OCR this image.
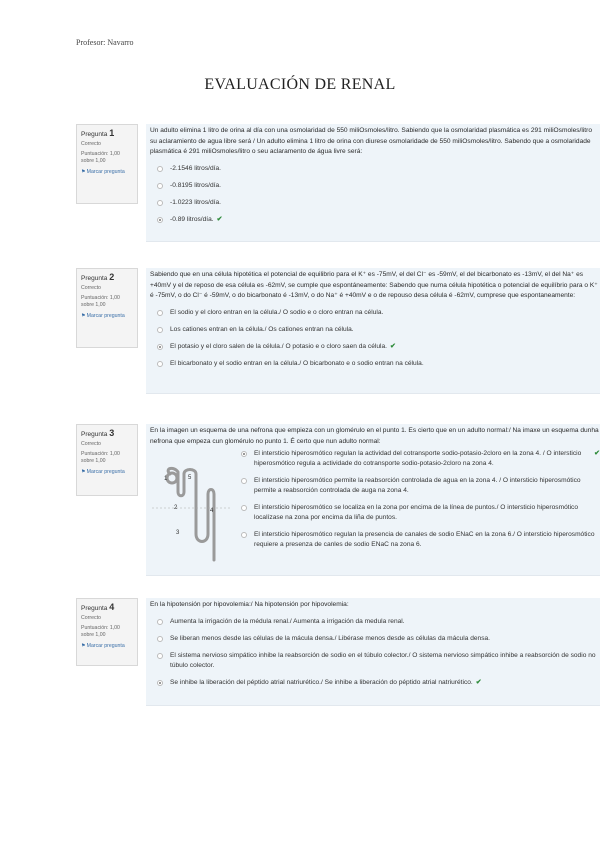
Profesor: Navarro
EVALUACIÓN DE RENAL
Pregunta 1
Correcto
Puntuación: 1,00 sobre 1,00
⚑Marcar pregunta
Un adulto elimina 1 litro de orina al día con una osmolaridad de 550 miliOsmoles/litro. Sabiendo que la osmolaridad plasmática es 291 miliOsmoles/litro su aclaramiento de agua libre será / Un adulto elimina 1 litro de orina con diurese osmolaridade de 550 miliOsmoles/litro. Sabendo que a osmolaridade plasmática é 291 miliOsmoles/litro o seu aclaramento de água livre será:
-2.1546 litros/día.
-0.8195 litros/día.
-1.0223 litros/día.
-0.89 litros/día. ✔
Pregunta 2
Correcto
Puntuación: 1,00 sobre 1,00
⚑Marcar pregunta
Sabiendo que en una célula hipotética el potencial de equilibrio para el K⁺ es -75mV, el del Cl⁻ es -59mV, el del bicarbonato es -13mV, el del Na⁺ es +40mV y el de reposo de esa célula es -62mV, se cumple que espontáneamente: Sabendo que numa célula hipotética o potencial de equilíbrio para o K⁺ é -75mV, o do Cl⁻ é -59mV, o do bicarbonato é -13mV, o do Na⁺ é +40mV e o de repouso desa célula é -62mV, cumprese que espontaneamente:
El sodio y el cloro entran en la célula./ O sodio e o cloro entran na célula.
Los cationes entran en la célula./ Os cationes entran na célula.
El potasio y el cloro salen de la célula./ O potasio e o cloro saen da célula. ✔
El bicarbonato y el sodio entran en la célula./ O bicarbonato e o sodio entran na célula.
Pregunta 3
Correcto
Puntuación: 1,00 sobre 1,00
⚑Marcar pregunta
En la imagen un esquema de una nefrona que empieza con un glomérulo en el punto 1. Es cierto que en un adulto normal:/ Na imaxe un esquema dunha nefrona que empeza cun glomérulo no punto 1. É certo que nun adulto normal:
1	5
2
3
4
El intersticio hiperosmótico regulan la actividad del cotransporte sodio-potasio-2cloro en la zona 4. / O intersticio hiperosmótico regula a actividade do cotransporte sodio-potasio-2cloro na zona 4.
✔
El intersticio hiperosmótico permite la reabsorción controlada de agua en la zona 4. / O intersticio hiperosmótico permite a reabsorción controlada de auga na zona 4.
El intersticio hiperosmótico se localiza en la zona por encima de la línea de puntos./ O intersticio hiperosmótico localízase na zona por encima da liña de puntos.
El intersticio hiperosmótico regulan la presencia de canales de sodio ENaC en la zona 6./ O intersticio hiperosmótico requiere a presenza de canles de sodio ENaC na zona 6.
Pregunta 4
Correcto
Puntuación: 1,00 sobre 1,00
⚑Marcar pregunta
En la hipotensión por hipovolemia:/ Na hipotensión por hipovolemia:
Aumenta la irrigación de la médula renal./ Aumenta a irrigación da medula renal.
Se liberan menos desde las células de la mácula densa./ Libérase menos desde as células da mácula densa.
El sistema nervioso simpático inhibe la reabsorción de sodio en el túbulo colector./ O sistema nervioso simpático inhibe a reabsorción de sodio no túbulo colector.
Se inhibe la liberación del péptido atrial natriurético./ Se inhibe a liberación do péptido atrial natriurético. ✔
